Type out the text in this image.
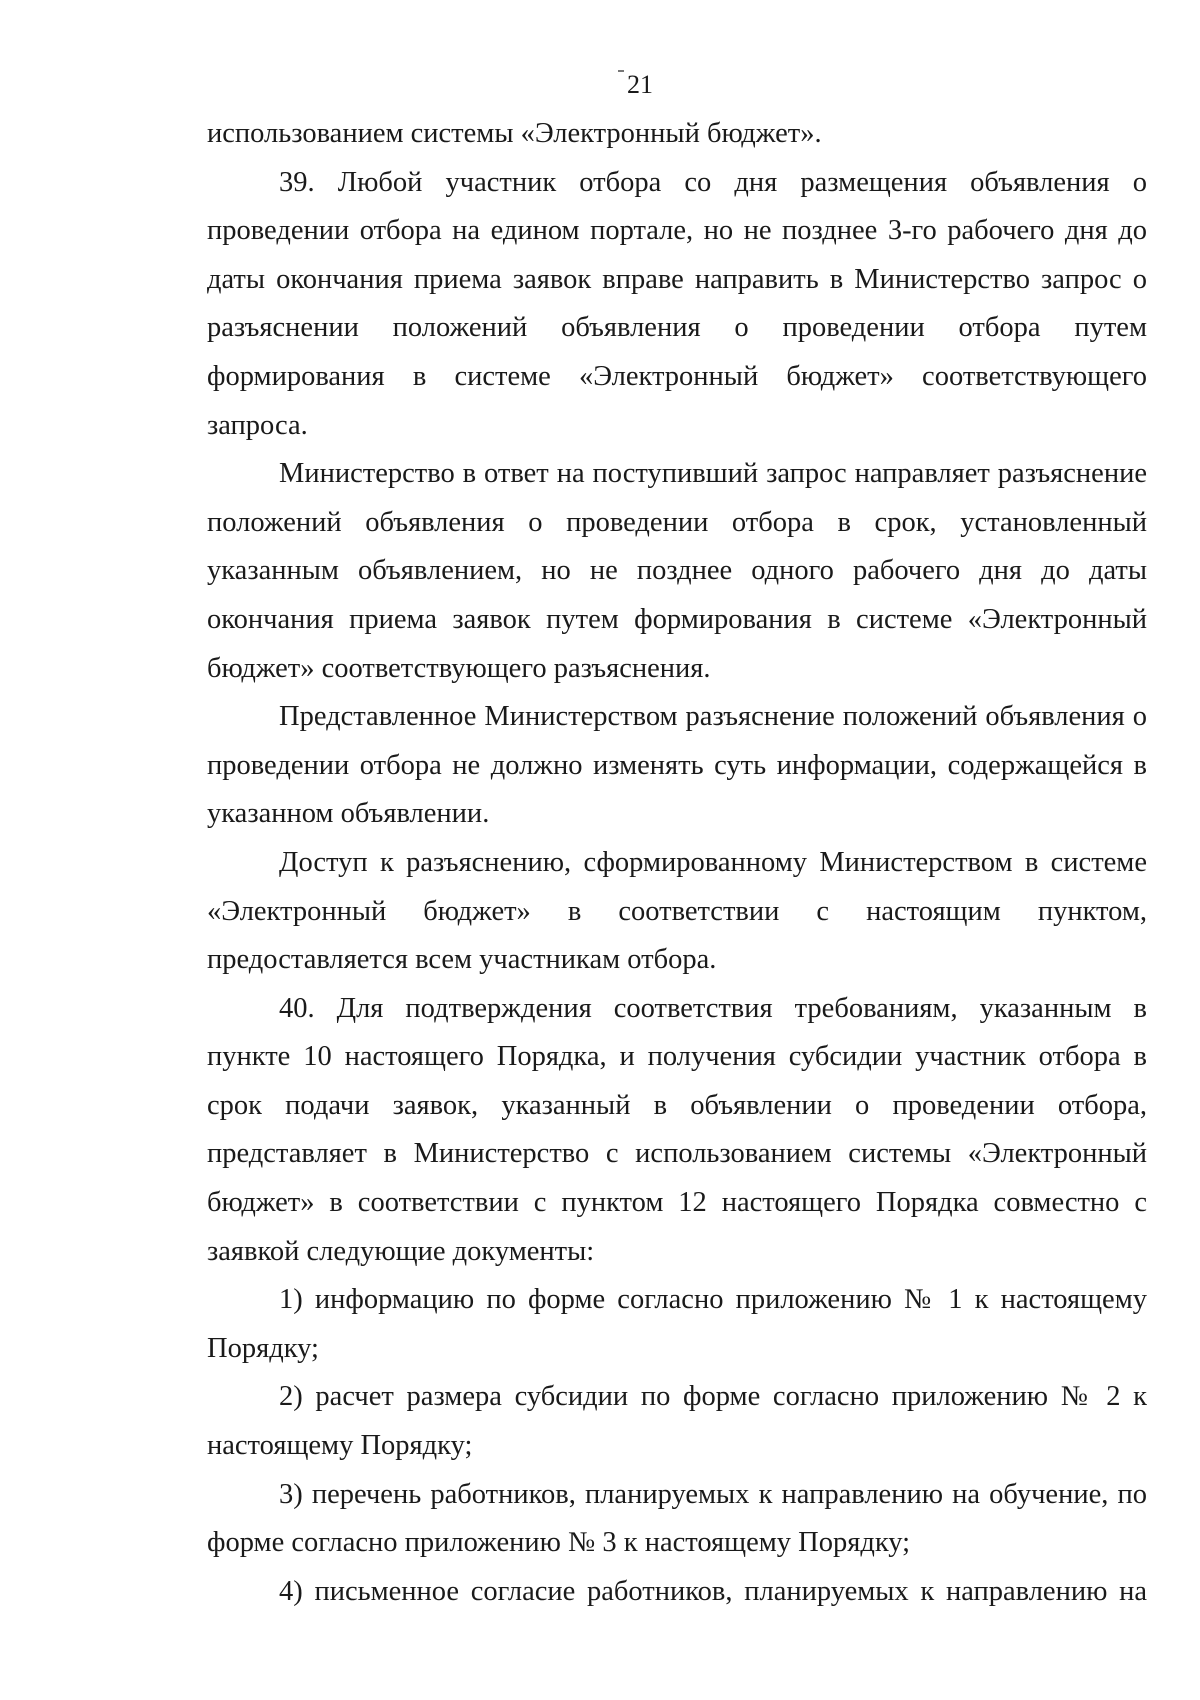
21

использованием системы «Электронный бюджет».

39. Любой участник отбора со дня размещения объявления о проведении отбора на едином портале, но не позднее 3-го рабочего дня до даты окончания приема заявок вправе направить в Министерство запрос о разъяснении положений объявления о проведении отбора путем формирования в системе «Электронный бюджет» соответствующего запроса.

Министерство в ответ на поступивший запрос направляет разъяснение положений объявления о проведении отбора в срок, установленный указанным объявлением, но не позднее одного рабочего дня до даты окончания приема заявок путем формирования в системе «Электронный бюджет» соответствующего разъяснения.

Представленное Министерством разъяснение положений объявления о проведении отбора не должно изменять суть информации, содержащейся в указанном объявлении.

Доступ к разъяснению, сформированному Министерством в системе «Электронный бюджет» в соответствии с настоящим пунктом, предоставляется всем участникам отбора.

40. Для подтверждения соответствия требованиям, указанным в пункте 10 настоящего Порядка, и получения субсидии участник отбора в срок подачи заявок, указанный в объявлении о проведении отбора, представляет в Министерство с использованием системы «Электронный бюджет» в соответствии с пунктом 12 настоящего Порядка совместно с заявкой следующие документы:

1) информацию по форме согласно приложению № 1 к настоящему Порядку;

2) расчет размера субсидии по форме согласно приложению № 2 к настоящему Порядку;

3) перечень работников, планируемых к направлению на обучение, по форме согласно приложению № 3 к настоящему Порядку;

4) письменное согласие работников, планируемых к направлению на
